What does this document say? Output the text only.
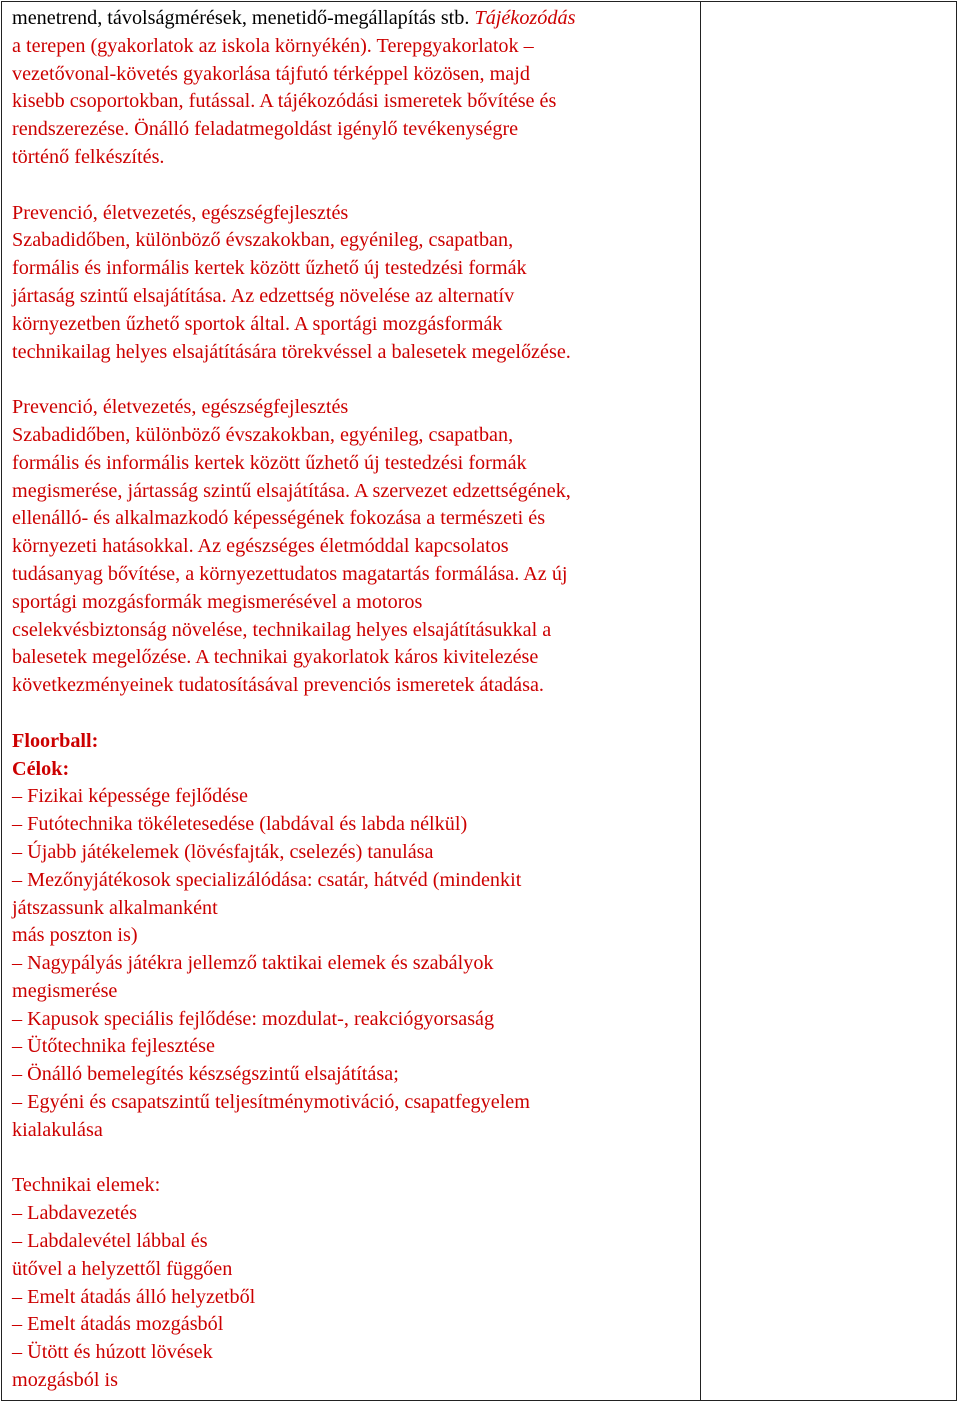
menetrend, távolságmérések, menetidő-megállapítás stb. Tájékozódás
a terepen (gyakorlatok az iskola környékén). Terepgyakorlatok –
vezetővonal-követés gyakorlása tájfutó térképpel közösen, majd
kisebb csoportokban, futással. A tájékozódási ismeretek bővítése és
rendszerezése. Önálló feladatmegoldást igénylő tevékenységre
történő felkészítés.
Prevenció, életvezetés, egészségfejlesztés
Szabadidőben, különböző évszakokban, egyénileg, csapatban,
formális és informális kertek között űzhető új testedzési formák
jártaság szintű elsajátítása. Az edzettség növelése az alternatív
környezetben űzhető sportok által. A sportági mozgásformák
technikailag helyes elsajátítására törekvéssel a balesetek megelőzése.
Prevenció, életvezetés, egészségfejlesztés
Szabadidőben, különböző évszakokban, egyénileg, csapatban,
formális és informális kertek között űzhető új testedzési formák
megismerése, jártasság szintű elsajátítása. A szervezet edzettségének,
ellenálló- és alkalmazkodó képességének fokozása a természeti és
környezeti hatásokkal. Az egészséges életmóddal kapcsolatos
tudásanyag bővítése, a környezettudatos magatartás formálása. Az új
sportági mozgásformák megismerésével a motoros
cselekvésbiztonság növelése, technikailag helyes elsajátításukkal a
balesetek megelőzése. A technikai gyakorlatok káros kivitelezése
következményeinek tudatosításával prevenciós ismeretek átadása.
Floorball:
Célok:
– Fizikai képessége fejlődése
– Futótechnika tökéletesedése (labdával és labda nélkül)
– Újabb játékelemek (lövésfajták, cselezés) tanulása
– Mezőnyjátékosok specializálódása: csatár, hátvéd (mindenkit
játszassunk alkalmanként
más poszton is)
– Nagypályás játékra jellemző taktikai elemek és szabályok
megismerése
– Kapusok speciális fejlődése: mozdulat-, reakciógyorsaság
– Ütőtechnika fejlesztése
– Önálló bemelegítés készségszintű elsajátítása;
– Egyéni és csapatszintű teljesítménymotiváció, csapatfegyelem
kialakulása
Technikai elemek:
– Labdavezetés
– Labdalevétel lábbal és
ütővel a helyzettől függően
– Emelt átadás álló helyzetből
– Emelt átadás mozgásból
– Ütött és húzott lövések
mozgásból is
